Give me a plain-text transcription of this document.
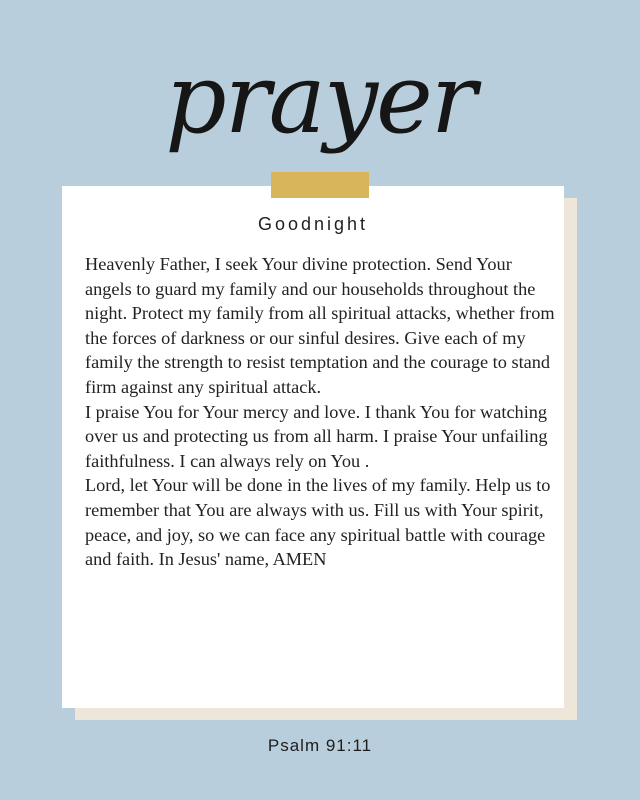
prayer
Goodnight

Heavenly Father, I seek Your divine protection. Send Your angels to guard my family and our households throughout the night. Protect my family from all spiritual attacks, whether from the forces of darkness or our sinful desires. Give each of my family the strength to resist temptation and the courage to stand firm against any spiritual attack.

I praise You for Your mercy and love. I thank You for watching over us and protecting us from all harm. I praise Your unfailing faithfulness. I can always rely on You .

Lord, let Your will be done in the lives of my family. Help us to remember that You are always with us. Fill us with Your spirit, peace, and joy, so we can face any spiritual battle with courage and faith. In Jesus' name, AMEN

Psalm 91:11
